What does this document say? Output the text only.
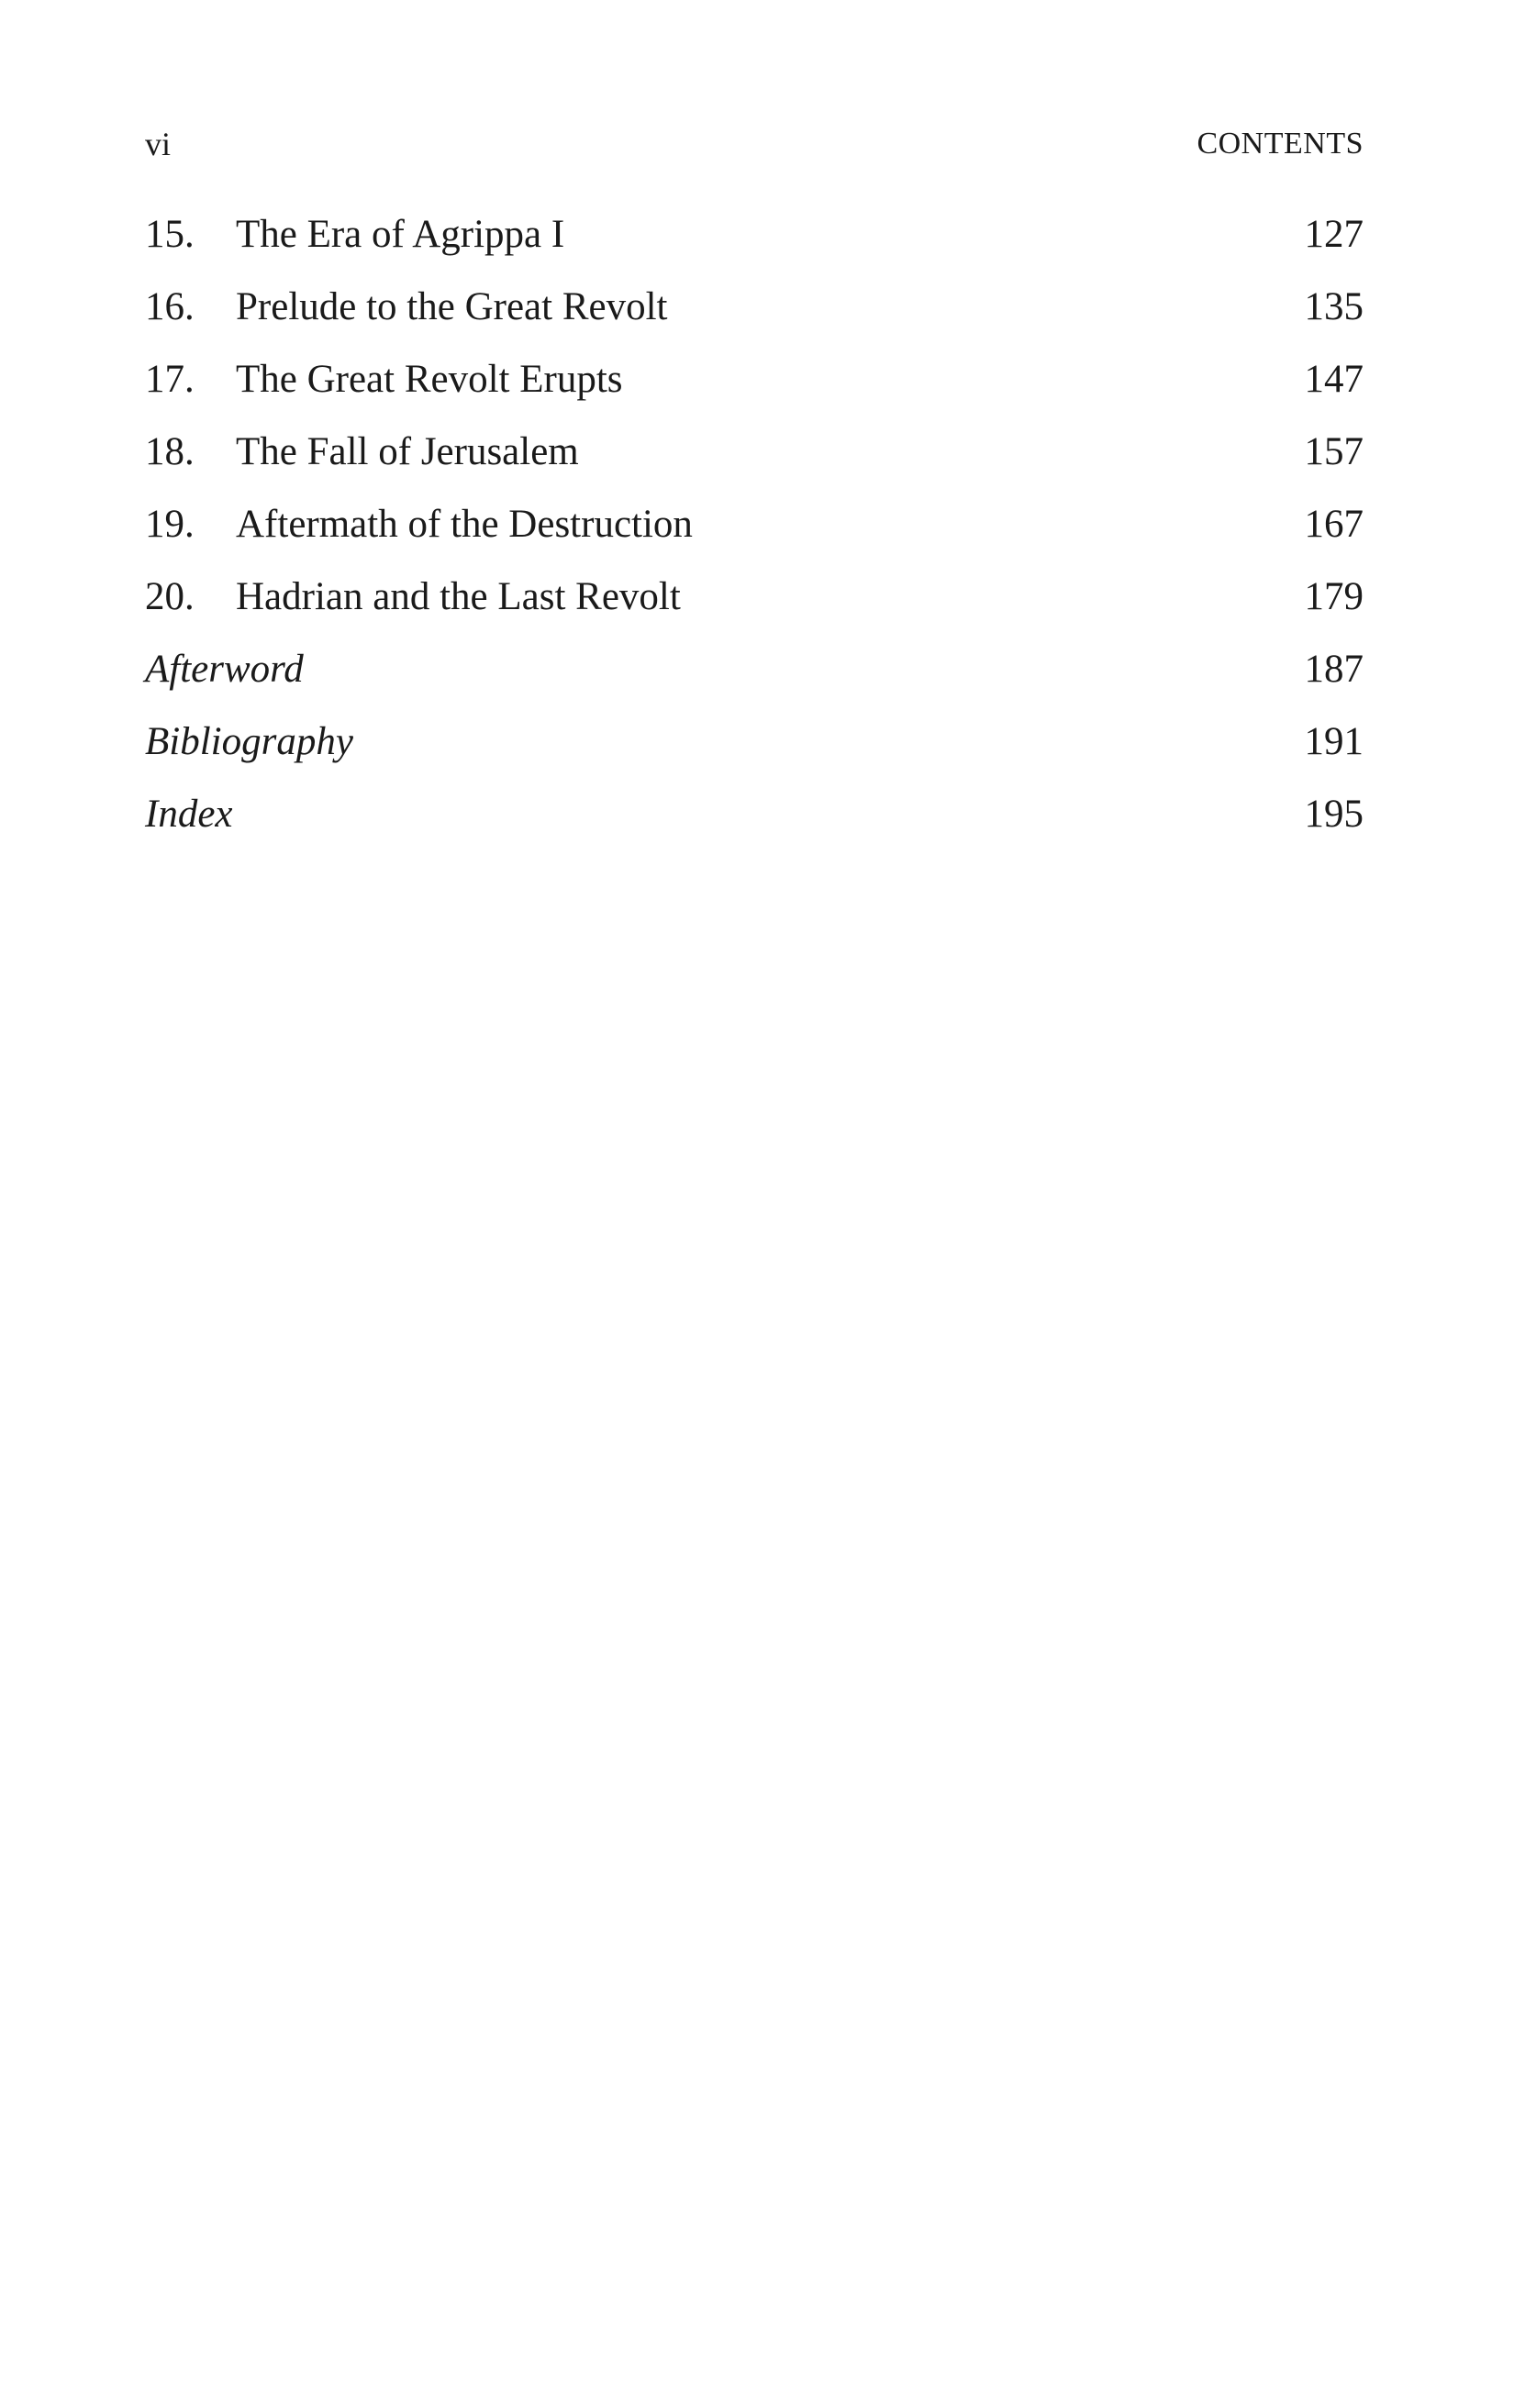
vi	CONTENTS
15. The Era of Agrippa I	127
16. Prelude to the Great Revolt	135
17. The Great Revolt Erupts	147
18. The Fall of Jerusalem	157
19. Aftermath of the Destruction	167
20. Hadrian and the Last Revolt	179
Afterword	187
Bibliography	191
Index	195
